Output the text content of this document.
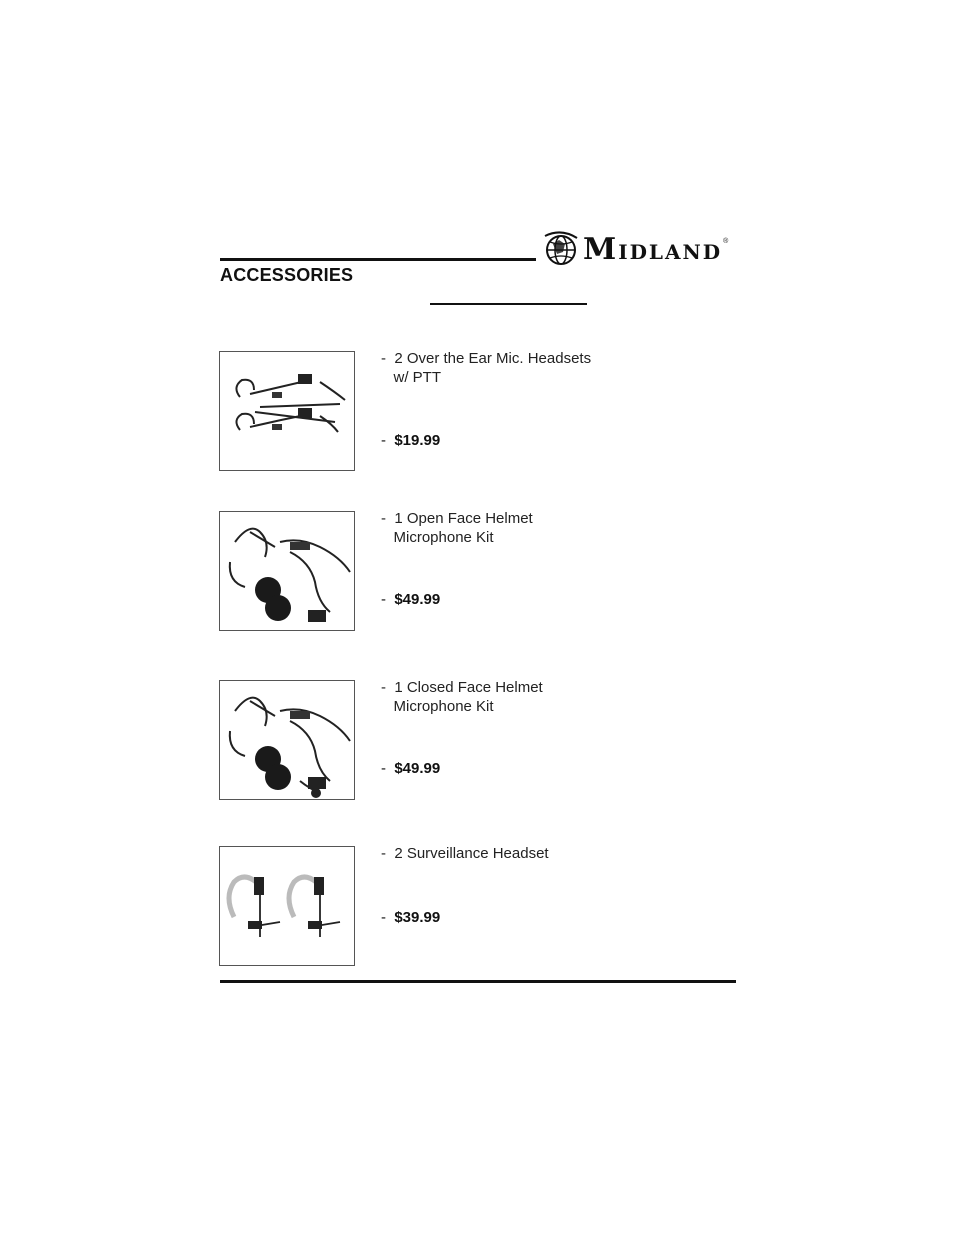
ACCESSORIES
MIDLAND ®
-  2 Over the Ear Mic. Headsets
w/ PTT
-  $19.99
-  1 Open Face Helmet
Microphone Kit
-  $49.99
-  1 Closed Face Helmet
Microphone Kit
-  $49.99
-  2 Surveillance Headset
-  $39.99
